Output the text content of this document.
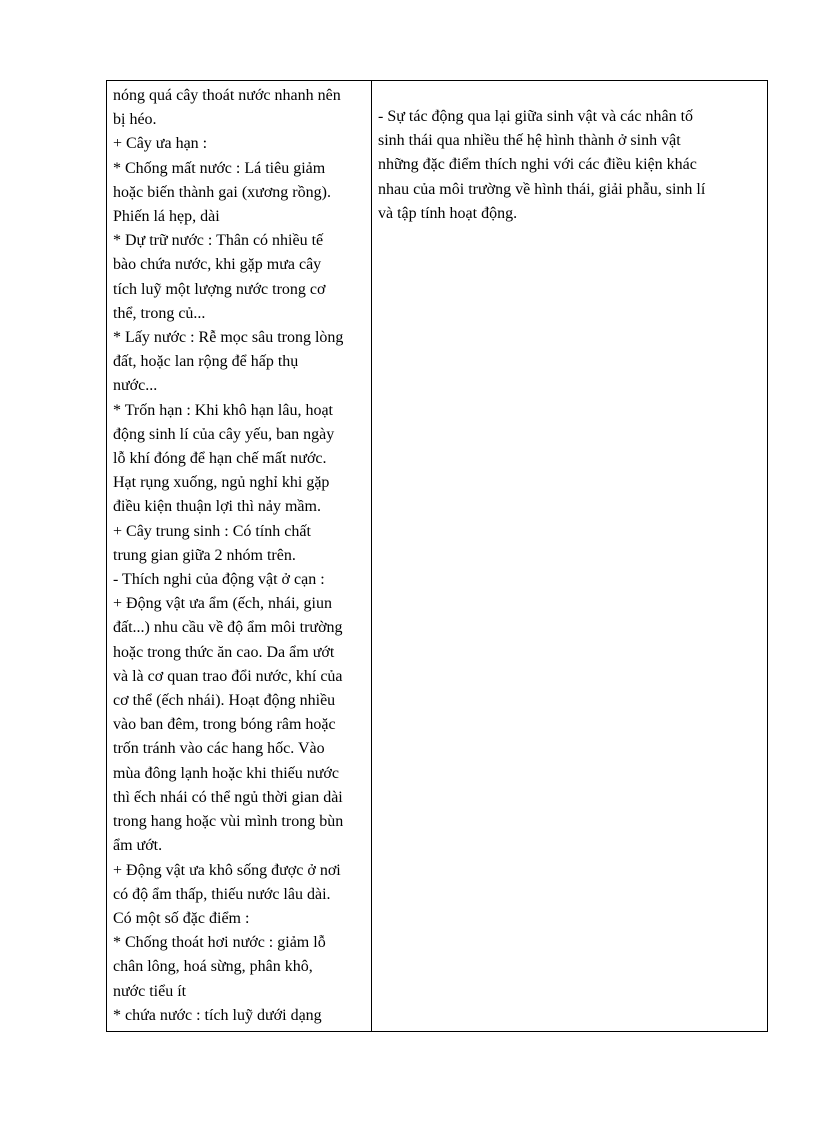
nóng quá cây thoát nước nhanh nên
bị héo.
+ Cây ưa hạn :
* Chống mất nước : Lá tiêu giảm
hoặc biến thành gai (xương rồng).
Phiến lá hẹp, dài
* Dự trữ nước : Thân có nhiều tế
bào chứa nước, khi gặp mưa cây
tích luỹ một lượng nước trong cơ
thể, trong củ...
* Lấy nước : Rễ mọc sâu trong lòng
đất, hoặc lan rộng để hấp thụ
nước...
* Trốn hạn : Khi khô hạn lâu, hoạt
động sinh lí của cây yếu, ban ngày
lỗ khí đóng để hạn chế mất nước.
Hạt rụng xuống, ngủ nghỉ khi gặp
điều kiện thuận lợi thì nảy mầm.
+ Cây trung sinh : Có tính chất
trung gian giữa 2 nhóm trên.
- Thích nghi của động vật ở cạn :
+ Động vật ưa ẩm (ếch, nhái, giun
đất...) nhu cầu về độ ẩm môi trường
hoặc trong thức ăn cao. Da ẩm ướt
và là cơ quan trao đổi nước, khí của
cơ thể (ếch nhái). Hoạt động nhiều
vào ban đêm, trong bóng râm hoặc
trốn tránh vào các hang hốc. Vào
mùa đông lạnh hoặc khi thiếu nước
thì ếch nhái có thể ngủ thời gian dài
trong hang hoặc vùi mình trong bùn
ẩm ướt.
+ Động vật ưa khô sống được ở nơi
có độ ẩm thấp, thiếu nước lâu dài.
Có một số đặc điểm :
* Chống thoát hơi nước : giảm lỗ
chân lông, hoá sừng, phân khô,
nước tiểu ít
* chứa nước : tích luỹ dưới dạng
- Sự tác động qua lại giữa sinh vật và các nhân tố
sinh thái qua nhiều thế hệ hình thành ở sinh vật
những đặc điểm thích nghi với các điều kiện khác
nhau của môi trường về hình thái, giải phẫu, sinh lí
và tập tính hoạt động.
